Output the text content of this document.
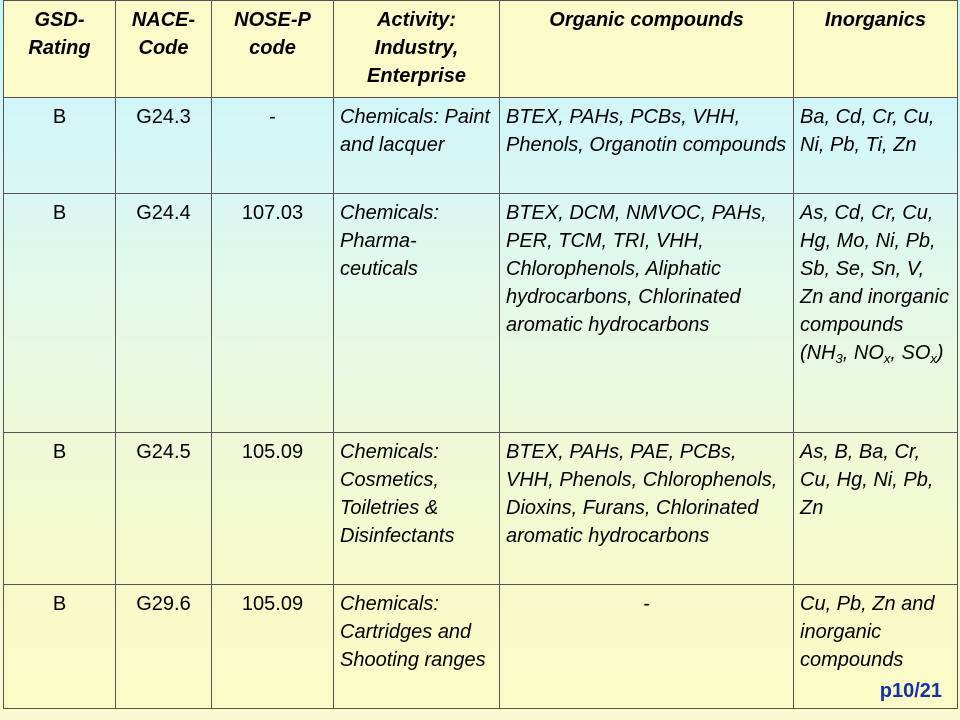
GSD-Rating	NACE-Code	NOSE-P code	Activity: Industry, Enterprise	Organic compounds	Inorganics
B	G24.3	-	Chemicals: Paint and lacquer	BTEX, PAHs, PCBs, VHH, Phenols, Organotin compounds	Ba, Cd, Cr, Cu, Ni, Pb, Ti, Zn
B	G24.4	107.03	Chemicals: Pharma-ceuticals	BTEX, DCM, NMVOC, PAHs, PER, TCM, TRI, VHH, Chlorophenols, Aliphatic hydrocarbons, Chlorinated aromatic hydrocarbons	As, Cd, Cr, Cu, Hg, Mo, Ni, Pb, Sb, Se, Sn, V, Zn and inorganic compounds ($NH_3$, $NO_x$, $SO_x$)
B	G24.5	105.09	Chemicals: Cosmetics, Toiletries & Disinfectants	BTEX, PAHs, PAE, PCBs, VHH, Phenols, Chlorophenols, Dioxins, Furans, Chlorinated aromatic hydrocarbons	As, B, Ba, Cr, Cu, Hg, Ni, Pb, Zn
B	G29.6	105.09	Chemicals: Cartridges and Shooting ranges	-	Cu, Pb, Zn and inorganic compounds
p10/21
